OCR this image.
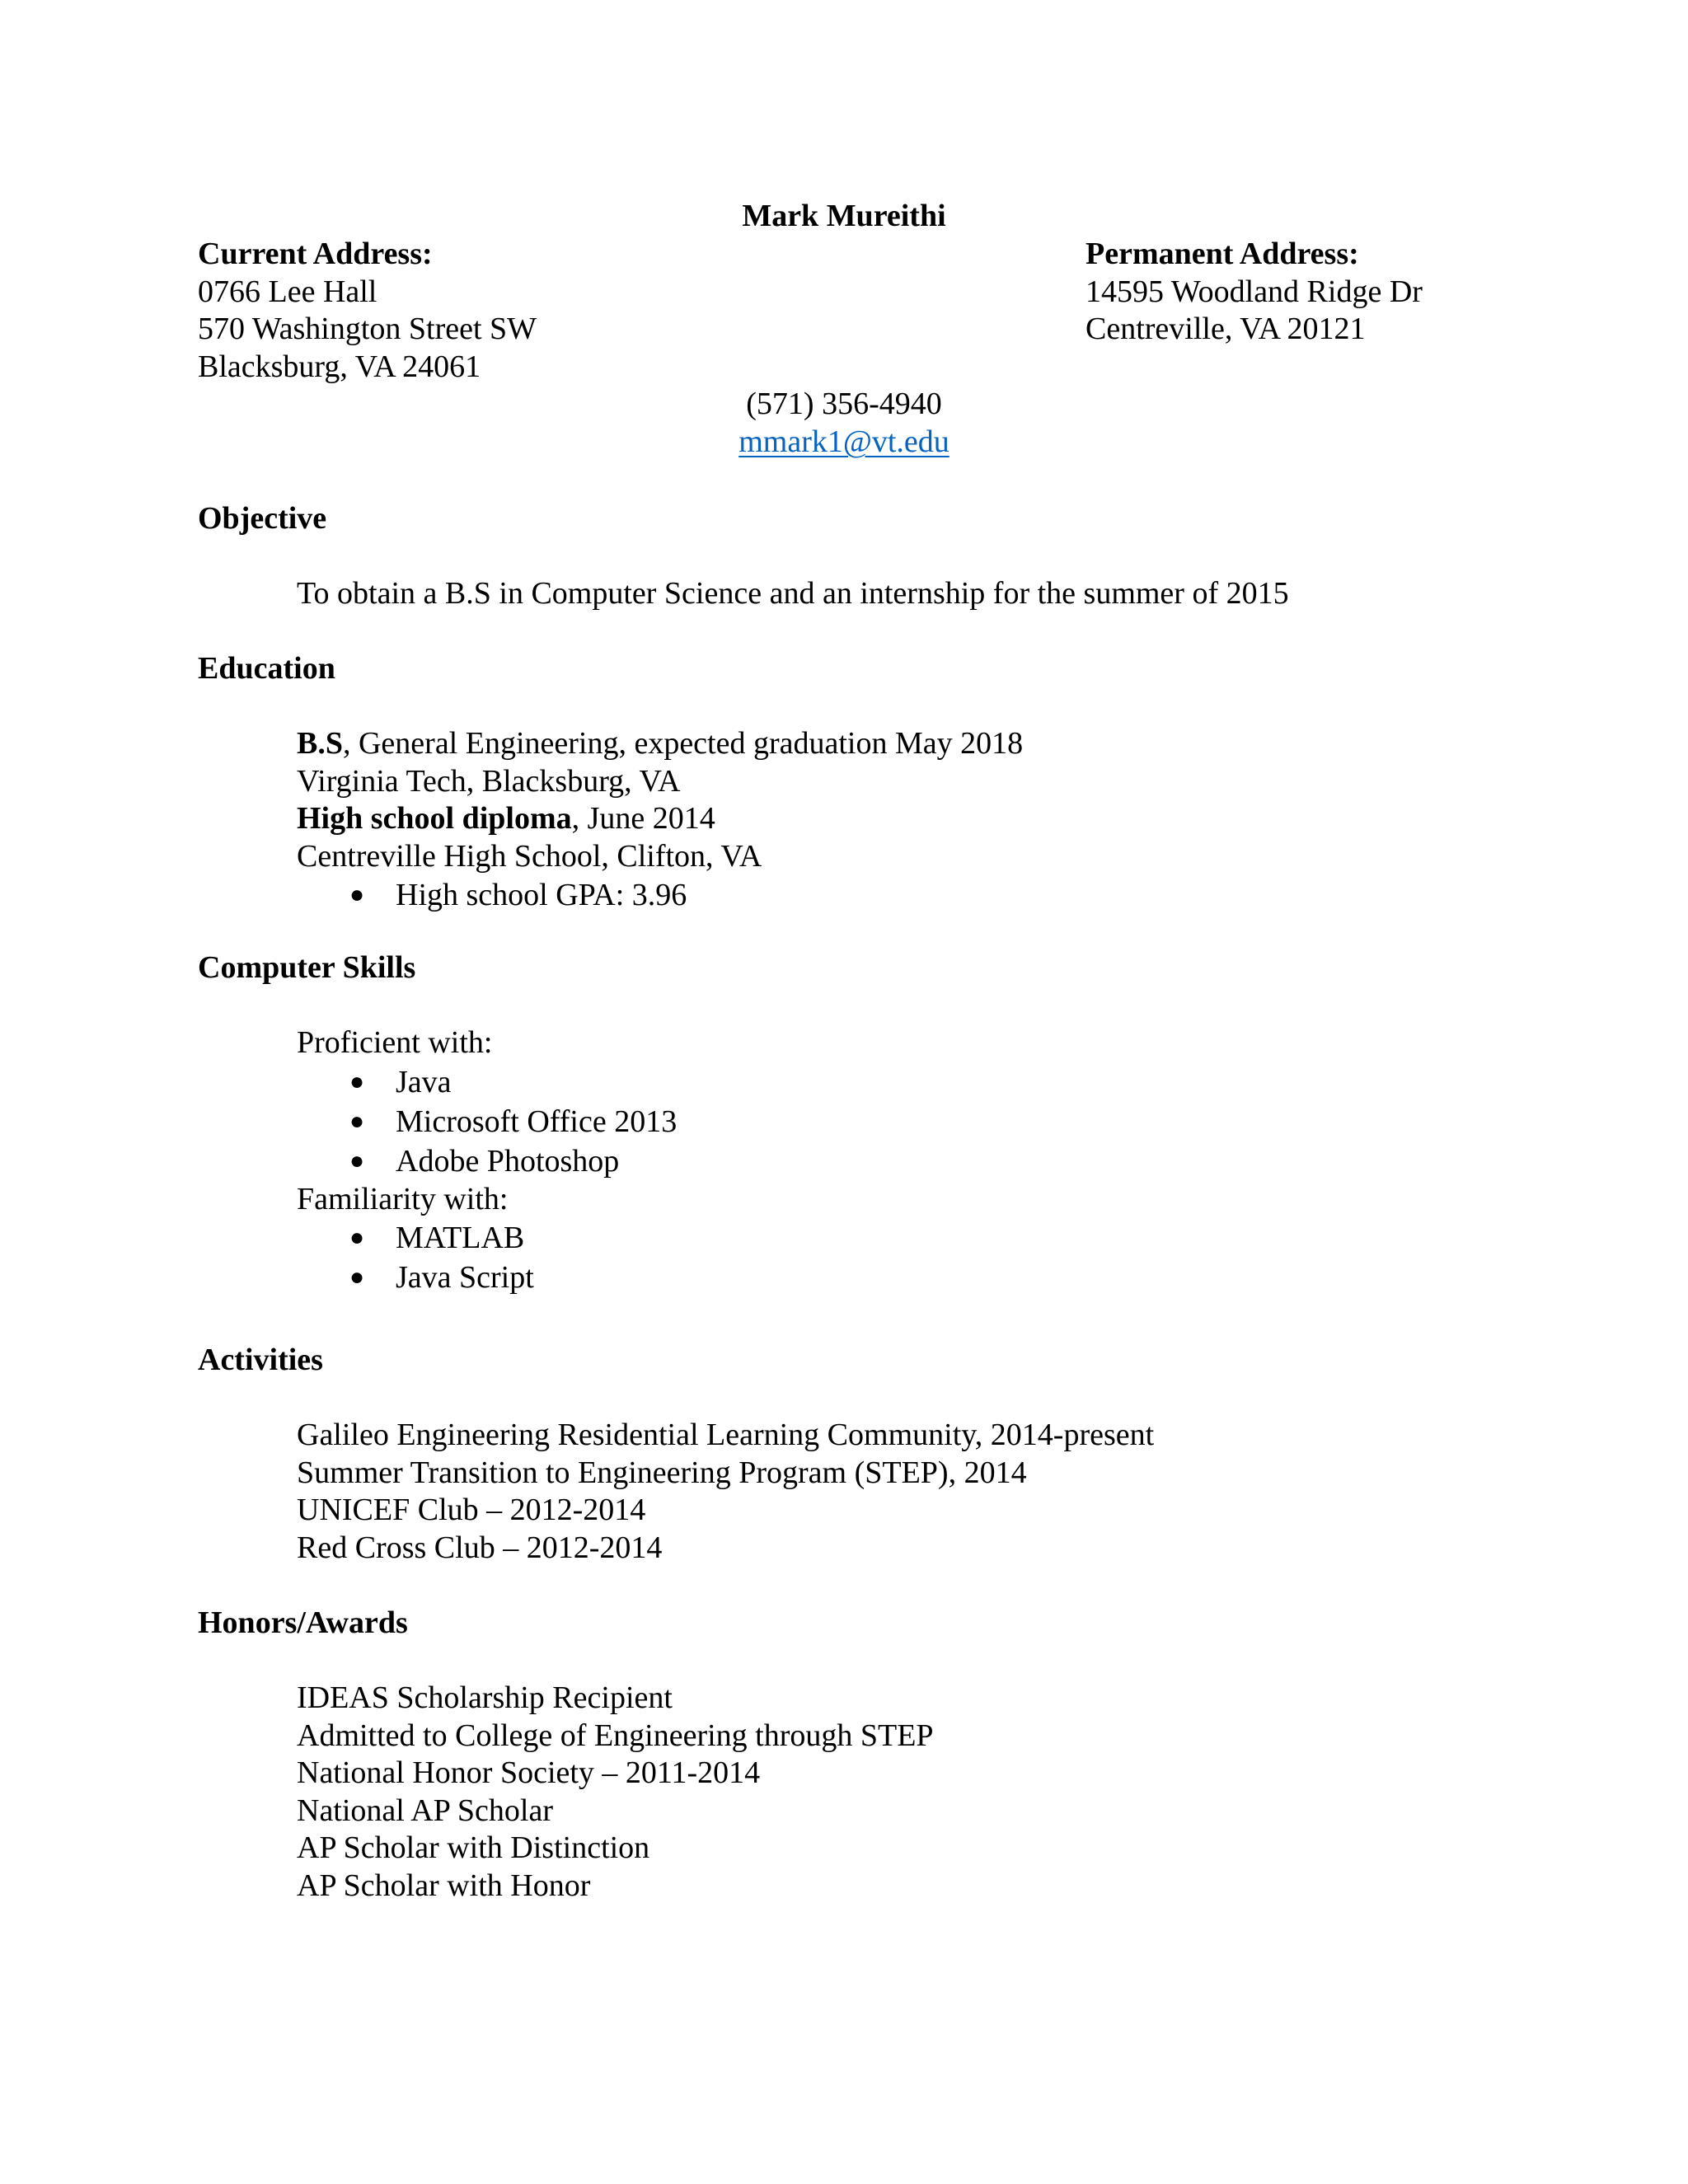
Mark Mureithi
Current Address:
0766 Lee Hall
570 Washington Street SW
Blacksburg, VA 24061
Permanent Address:
14595 Woodland Ridge Dr
Centreville, VA 20121
(571) 356-4940
mmark1@vt.edu
Objective
To obtain a B.S in Computer Science and an internship for the summer of 2015
Education
B.S, General Engineering, expected graduation May 2018
Virginia Tech, Blacksburg, VA
High school diploma, June 2014
Centreville High School, Clifton, VA
● High school GPA: 3.96
Computer Skills
Proficient with:
● Java
● Microsoft Office 2013
● Adobe Photoshop
Familiarity with:
● MATLAB
● Java Script
Activities
Galileo Engineering Residential Learning Community, 2014-present
Summer Transition to Engineering Program (STEP), 2014
UNICEF Club – 2012-2014
Red Cross Club – 2012-2014
Honors/Awards
IDEAS Scholarship Recipient
Admitted to College of Engineering through STEP
National Honor Society – 2011-2014
National AP Scholar
AP Scholar with Distinction
AP Scholar with Honor
